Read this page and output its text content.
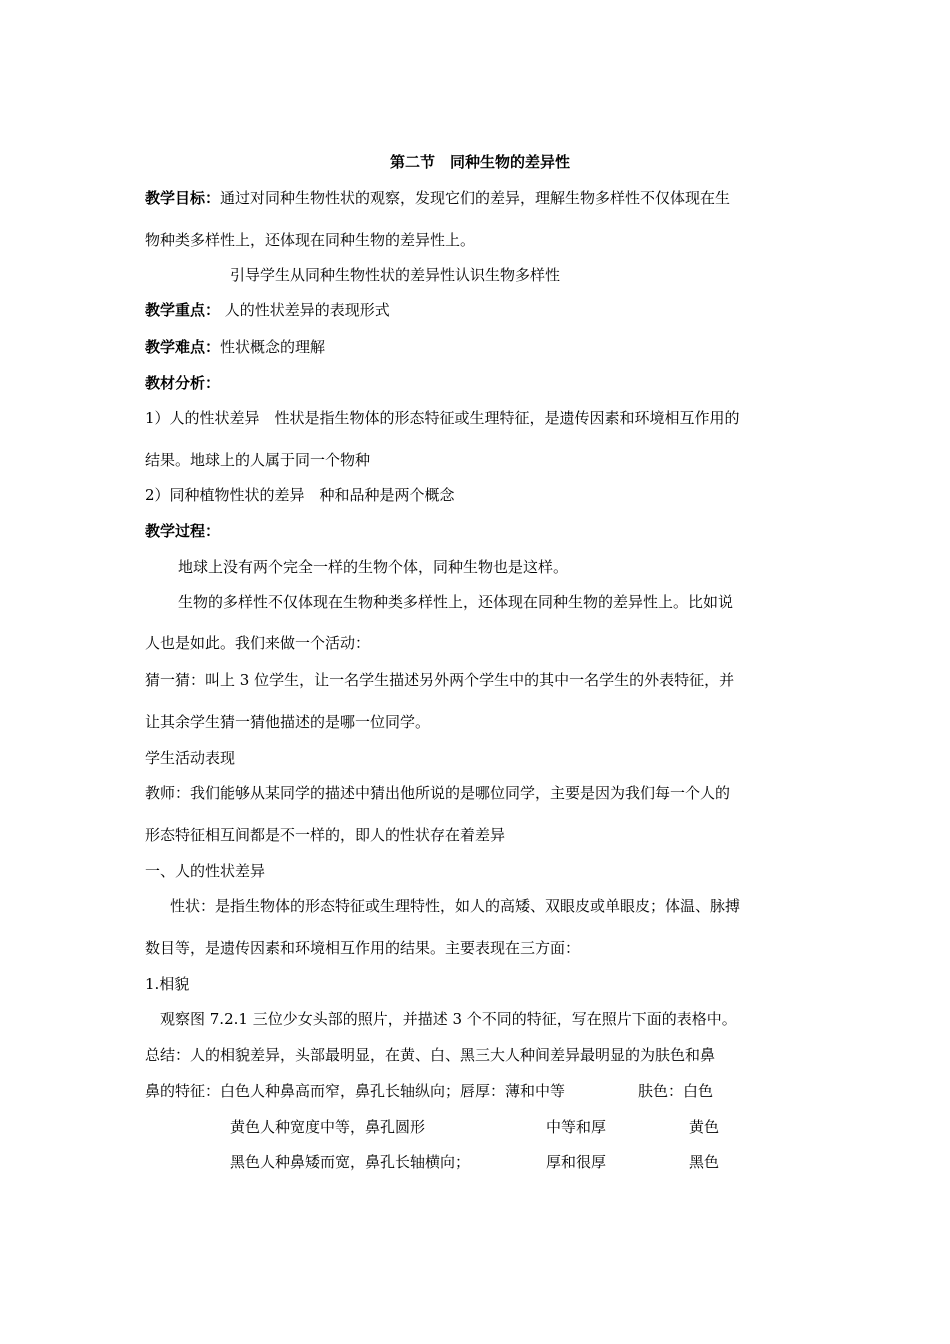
第二节　同种生物的差异性
教学目标：通过对同种生物性状的观察，发现它们的差异，理解生物多样性不仅体现在生
物种类多样性上，还体现在同种生物的差异性上。
引导学生从同种生物性状的差异性认识生物多样性
教学重点： 人的性状差异的表现形式
教学难点：性状概念的理解
教材分析：
1）人的性状差异　性状是指生物体的形态特征或生理特征，是遗传因素和环境相互作用的
结果。地球上的人属于同一个物种
2）同种植物性状的差异　种和品种是两个概念
教学过程：
地球上没有两个完全一样的生物个体，同种生物也是这样。
生物的多样性不仅体现在生物种类多样性上，还体现在同种生物的差异性上。比如说
人也是如此。我们来做一个活动：
猜一猜：叫上 3 位学生，让一名学生描述另外两个学生中的其中一名学生的外表特征，并
让其余学生猜一猜他描述的是哪一位同学。
学生活动表现
教师：我们能够从某同学的描述中猜出他所说的是哪位同学，主要是因为我们每一个人的
形态特征相互间都是不一样的，即人的性状存在着差异
一、人的性状差异
性状：是指生物体的形态特征或生理特性，如人的高矮、双眼皮或单眼皮；体温、脉搏
数目等，是遗传因素和环境相互作用的结果。主要表现在三方面：
1.相貌
观察图 7.2.1 三位少女头部的照片，并描述 3 个不同的特征，写在照片下面的表格中。
总结：人的相貌差异，头部最明显，在黄、白、黑三大人种间差异最明显的为肤色和鼻
鼻的特征：白色人种鼻高而窄，鼻孔长轴纵向；唇厚：薄和中等	肤色：白色
黄色人种宽度中等，鼻孔圆形	中等和厚	黄色
黑色人种鼻矮而宽，鼻孔长轴横向；	厚和很厚	黑色
